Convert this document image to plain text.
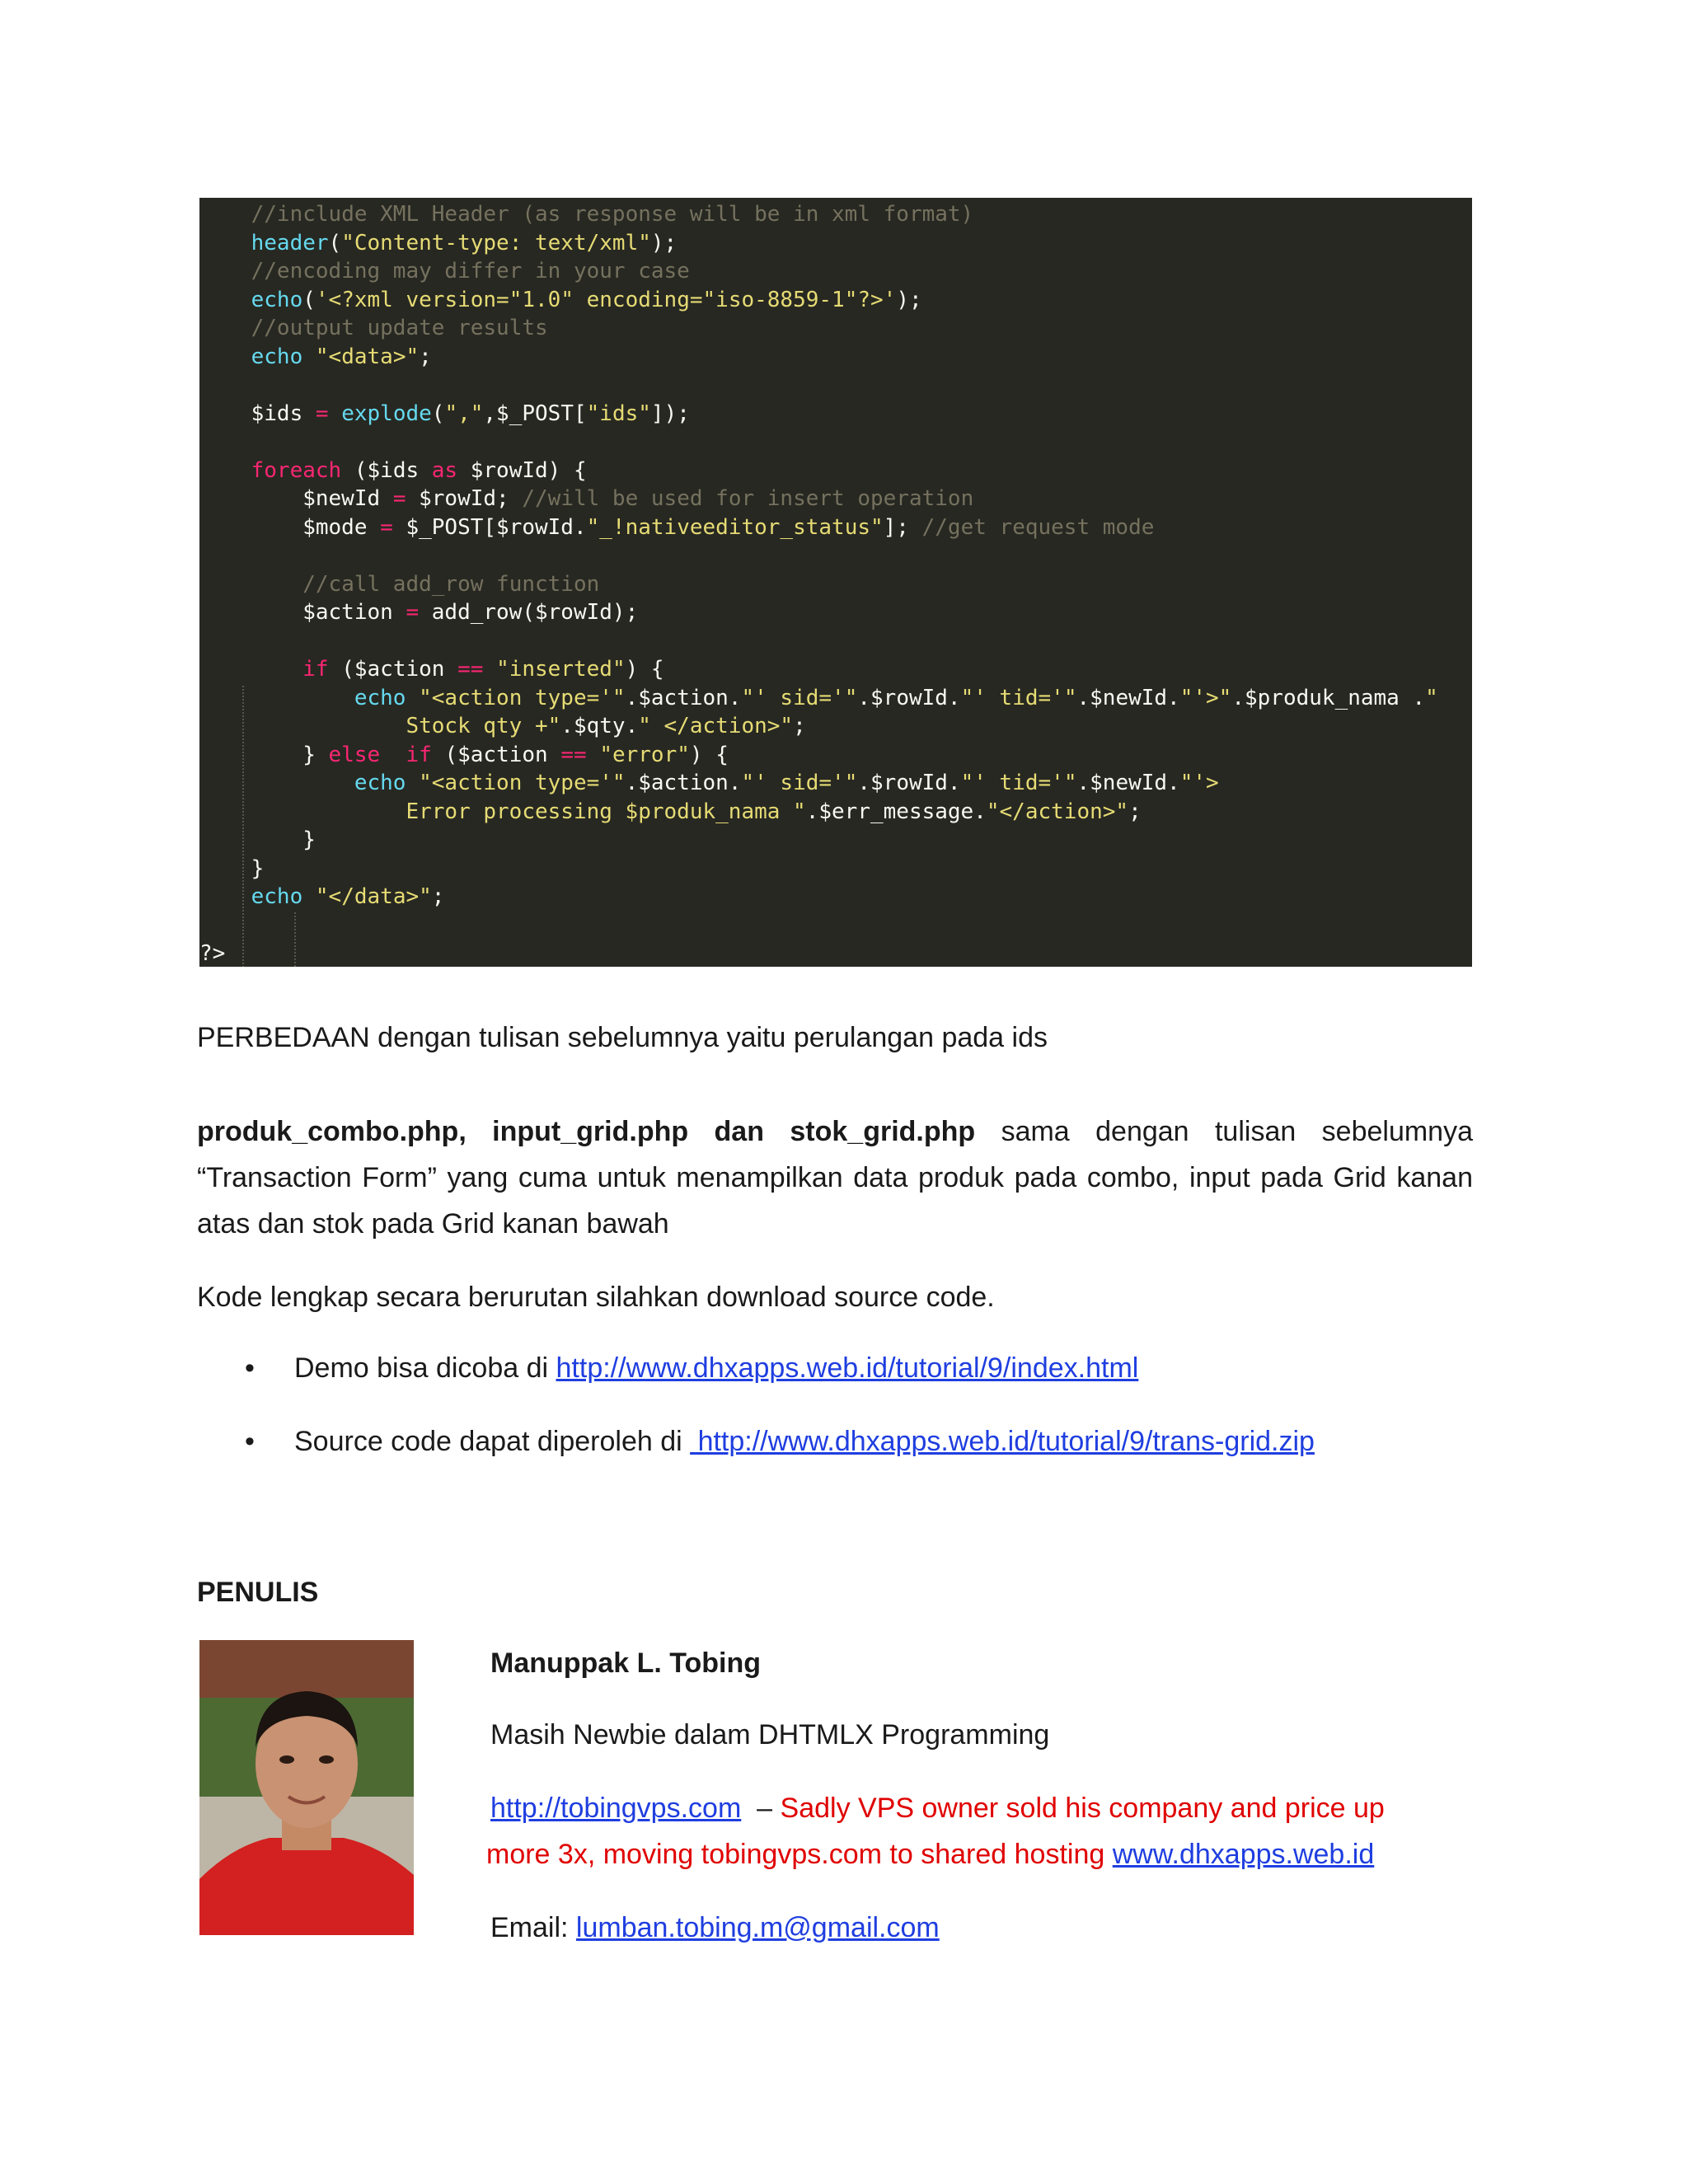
//include XML Header (as response will be in xml format)
header("Content-type: text/xml");
//encoding may differ in your case
echo('<?xml version="1.0" encoding="iso-8859-1"?>');
//output update results
echo "<data>";
$ids = explode(",",$_POST["ids"]);
foreach ($ids as $rowId) {
$newId = $rowId; //will be used for insert operation
$mode = $_POST[$rowId."_!nativeeditor_status"]; //get request mode
//call add_row function
$action = add_row($rowId);
if ($action == "inserted") {
echo "<action type='".$action."' sid='".$rowId."' tid='".$newId."'>".$produk_nama ."
Stock qty +".$qty." </action>";
} else if ($action == "error") {
echo "<action type='".$action."' sid='".$rowId."' tid='".$newId."'>
Error processing $produk_nama ".$err_message."</action>";
}
}
echo "</data>";
?>

PERBEDAAN dengan tulisan sebelumnya yaitu perulangan pada ids

produk_combo.php, input_grid.php dan stok_grid.php sama dengan tulisan sebelumnya “Transaction Form” yang cuma untuk menampilkan data produk pada combo, input pada Grid kanan atas dan stok pada Grid kanan bawah

Kode lengkap secara berurutan silahkan download source code.

• Demo bisa dicoba di http://www.dhxapps.web.id/tutorial/9/index.html

• Source code dapat diperoleh di  http://www.dhxapps.web.id/tutorial/9/trans-grid.zip

PENULIS

Manuppak L. Tobing

Masih Newbie dalam DHTMLX Programming

http://tobingvps.com  – Sadly VPS owner sold his company and price up

more 3x, moving tobingvps.com to shared hosting www.dhxapps.web.id

Email: lumban.tobing.m@gmail.com
